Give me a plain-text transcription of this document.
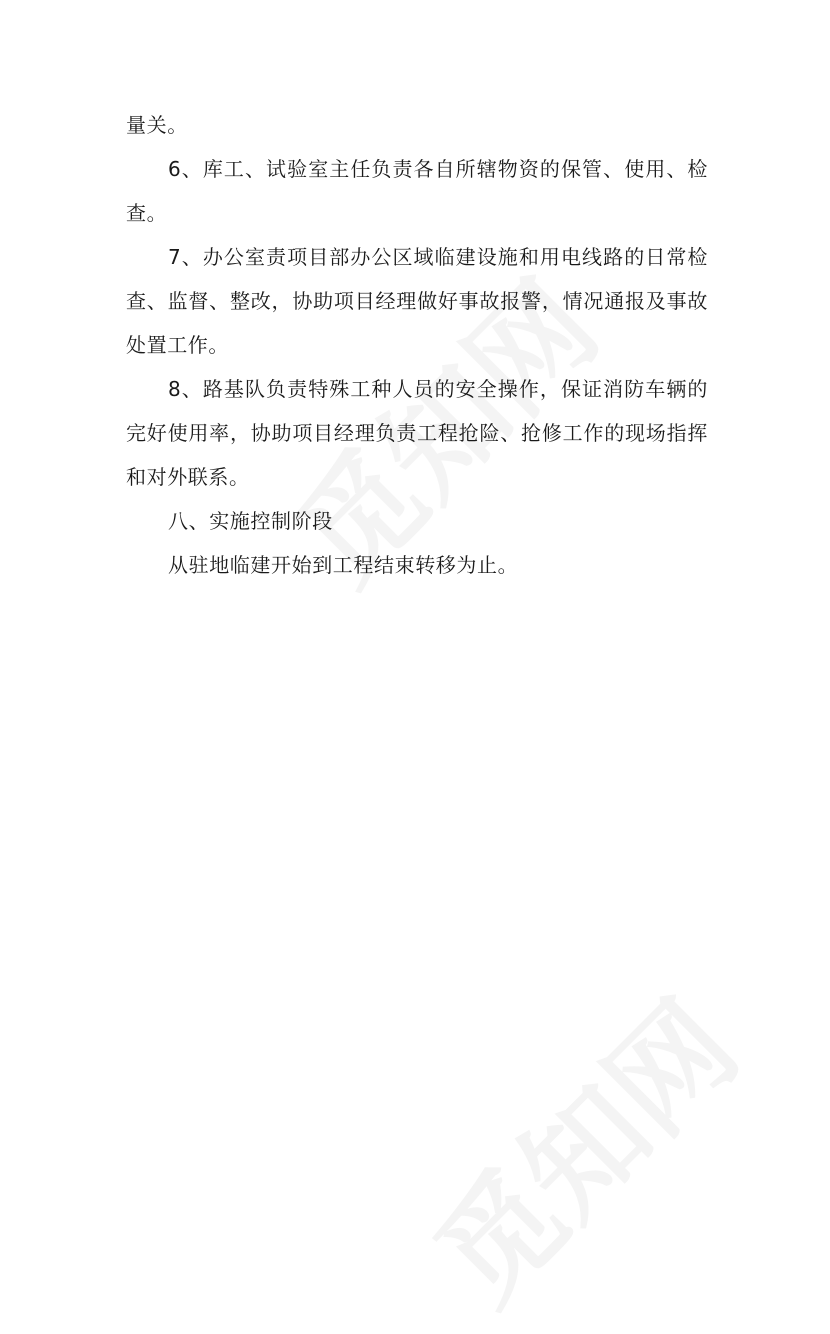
量关。

6、库工、试验室主任负责各自所辖物资的保管、使用、检查。

7、办公室责项目部办公区域临建设施和用电线路的日常检查、监督、整改，协助项目经理做好事故报警，情况通报及事故处置工作。

8、路基队负责特殊工种人员的安全操作，保证消防车辆的完好使用率，协助项目经理负责工程抢险、抢修工作的现场指挥和对外联系。

八、实施控制阶段

从驻地临建开始到工程结束转移为止。
